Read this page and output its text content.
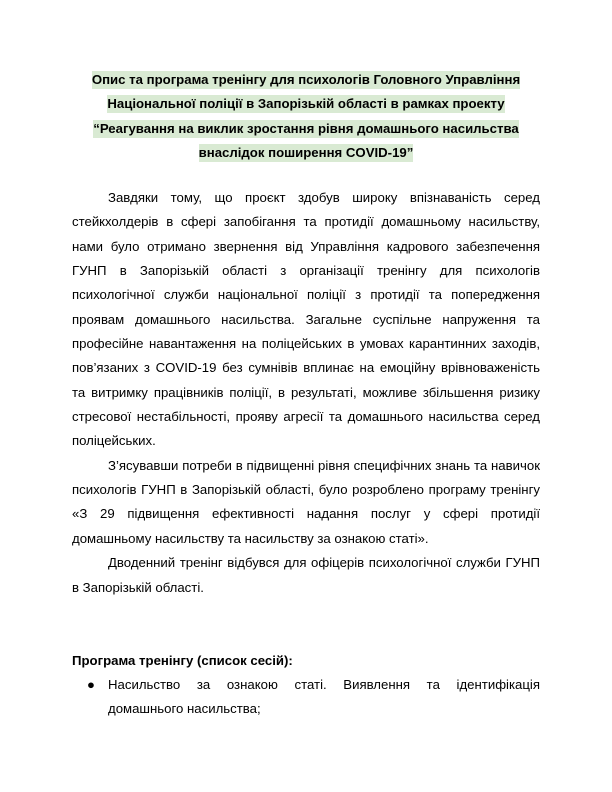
Опис та програма тренінгу для психологів Головного Управління
Національної поліції в Запорізькій області в рамках проекту
“Реагування на виклик зростання рівня домашнього насильства
внаслідок поширення COVID-19”

Завдяки тому, що проєкт здобув широку впізнаваність серед стейкхолдерів в сфері запобігання та протидії домашньому насильству, нами було отримано звернення від Управління кадрового забезпечення ГУНП в Запорізькій області з організації тренінгу для психологів психологічної служби національної поліції з протидії та попередження проявам домашнього насильства. Загальне суспільне напруження та професійне навантаження на поліцейських в умовах карантинних заходів, пов’язаних з COVID-19 без сумнівів вплинає на емоційну врівноваженість та витримку працівників поліції, в результаті, можливе збільшення ризику стресової нестабільності, прояву агресії та домашнього насильства серед поліцейських.

З’ясувавши потреби в підвищенні рівня специфічних знань та навичок психологів ГУНП в Запорізькій області, було розроблено програму тренінгу «З 29 підвищення ефективності надання послуг у сфері протидії домашньому насильству та насильству за ознакою статі».

Дводенний тренінг відбувся для офіцерів психологічної служби ГУНП в Запорізькій області.

Програма тренінгу (список сесій):
● Насильство за ознакою статі. Виявлення та ідентифікація домашнього насильства;
